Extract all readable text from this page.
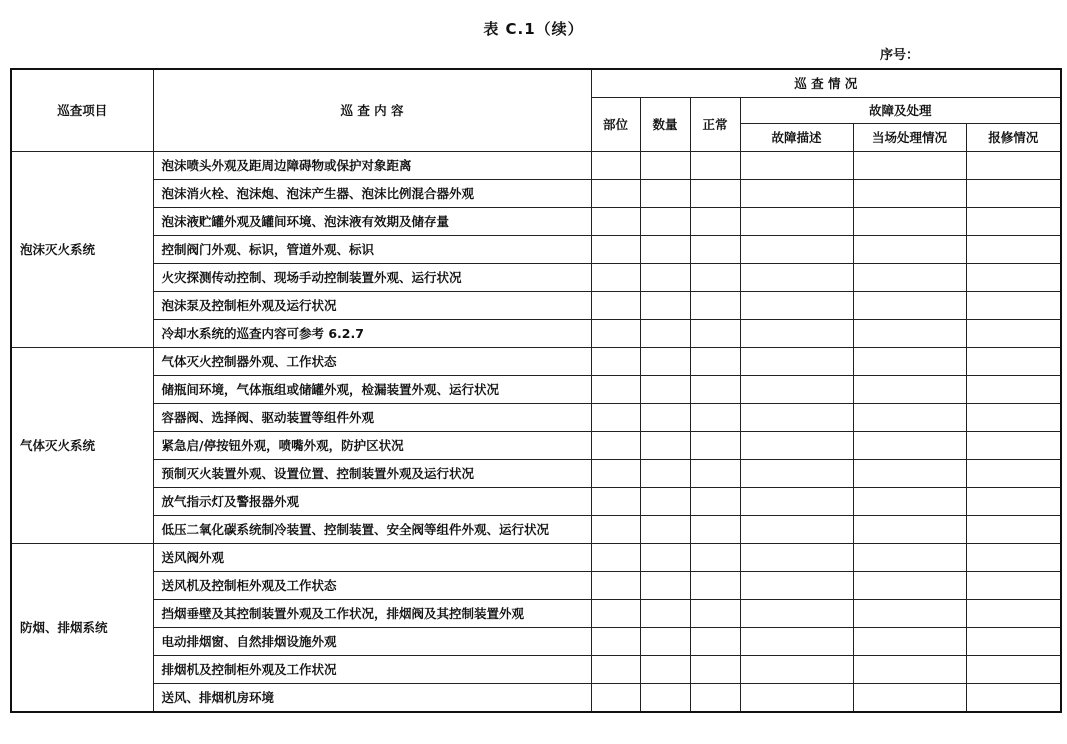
表 C.1（续）
序号：
巡查项目	巡 查 内 容	巡 查 情 况					
		部位	数量	正常	故障及处理		
					故障描述	当场处理情况	报修情况
泡沫灭火系统	泡沫喷头外观及距周边障碍物或保护对象距离						
	泡沫消火栓、泡沫炮、泡沫产生器、泡沫比例混合器外观						
	泡沫液贮罐外观及罐间环境、泡沫液有效期及储存量						
	控制阀门外观、标识，管道外观、标识						
	火灾探测传动控制、现场手动控制装置外观、运行状况						
	泡沫泵及控制柜外观及运行状况						
	冷却水系统的巡查内容可参考 6.2.7						
气体灭火系统	气体灭火控制器外观、工作状态						
	储瓶间环境，气体瓶组或储罐外观，检漏装置外观、运行状况						
	容器阀、选择阀、驱动装置等组件外观						
	紧急启/停按钮外观，喷嘴外观，防护区状况						
	预制灭火装置外观、设置位置、控制装置外观及运行状况						
	放气指示灯及警报器外观						
	低压二氧化碳系统制冷装置、控制装置、安全阀等组件外观、运行状况						
防烟、排烟系统	送风阀外观						
	送风机及控制柜外观及工作状态						
	挡烟垂壁及其控制装置外观及工作状况，排烟阀及其控制装置外观						
	电动排烟窗、自然排烟设施外观						
	排烟机及控制柜外观及工作状况						
	送风、排烟机房环境						
